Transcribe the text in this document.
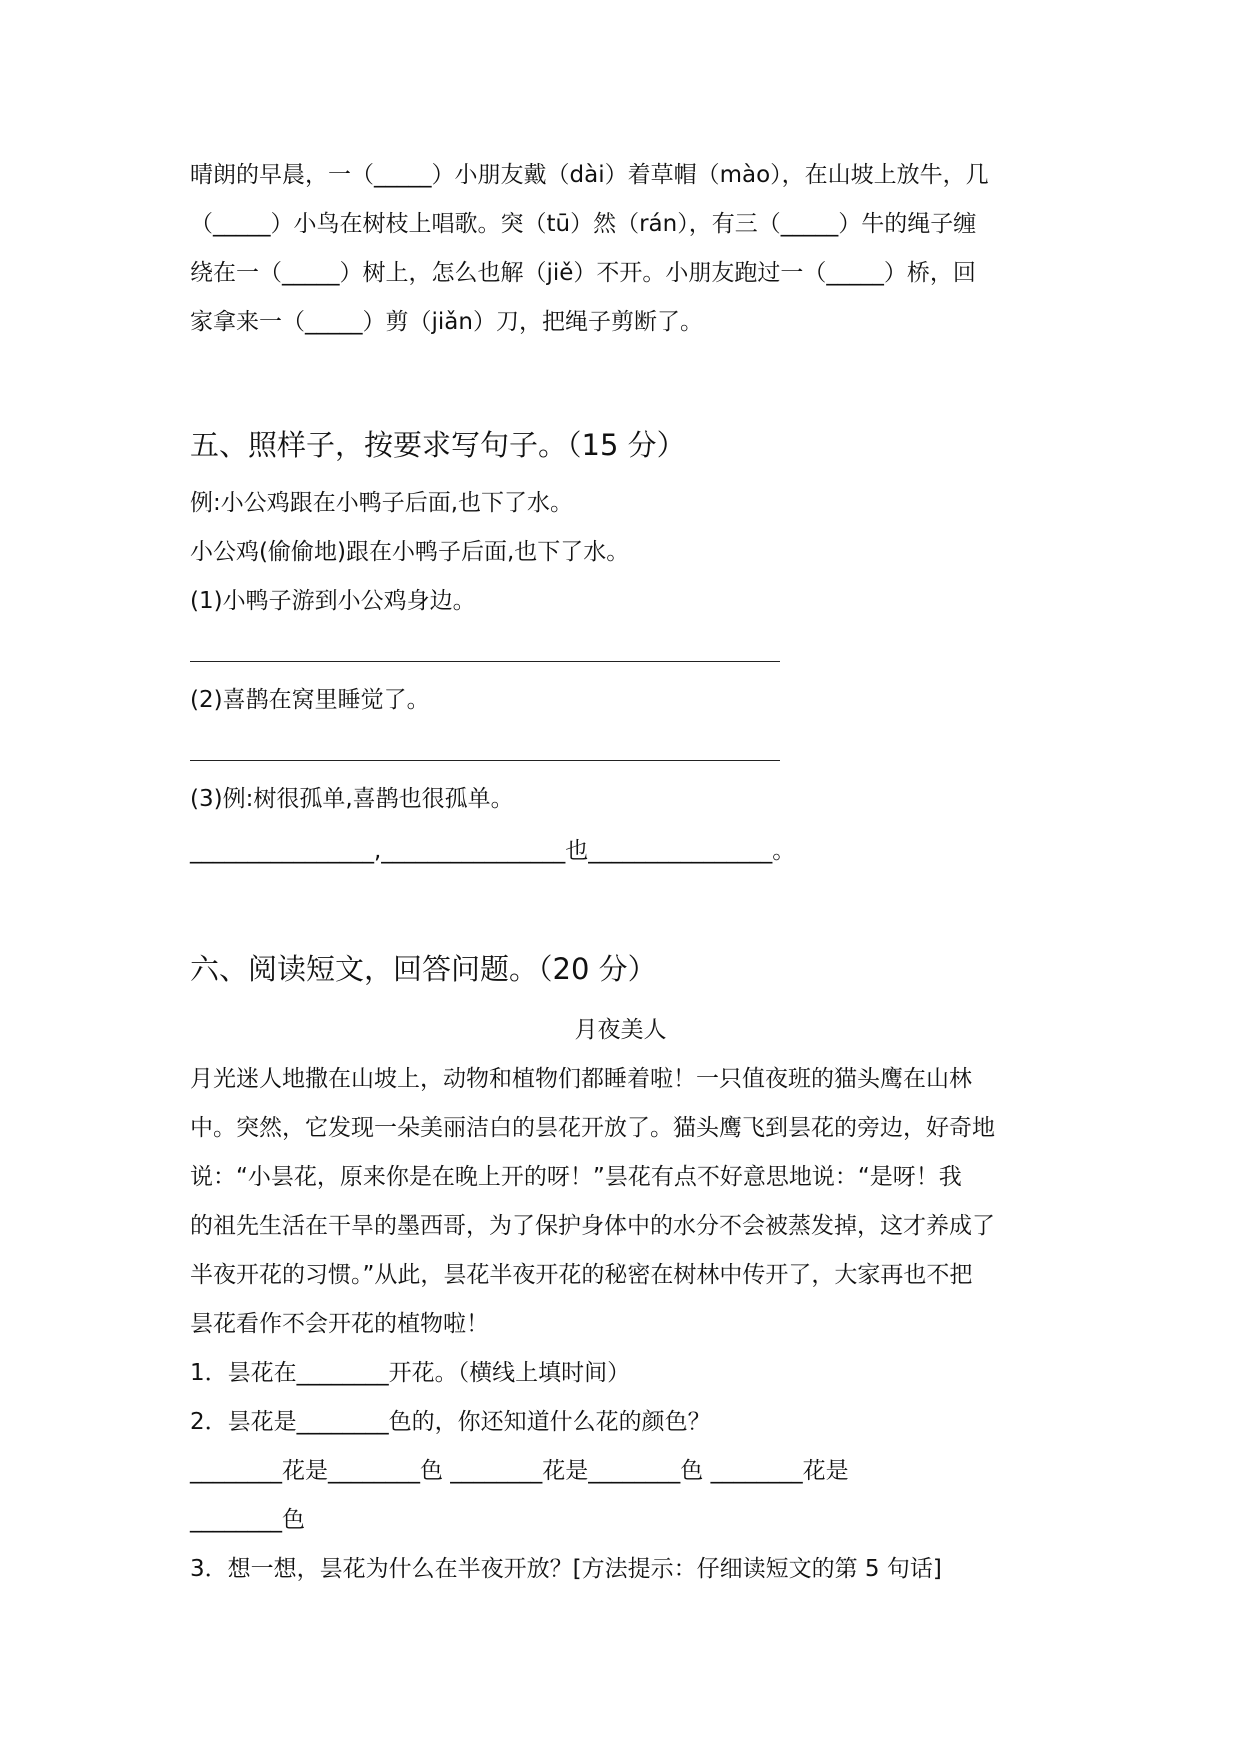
晴朗的早晨，一（_____）小朋友戴（dài）着草帽（mào），在山坡上放牛，几
（_____）小鸟在树枝上唱歌。突（tū）然（rán），有三（_____）牛的绳子缠
绕在一（_____）树上，怎么也解（jiě）不开。小朋友跑过一（_____）桥，回
家拿来一（_____）剪（jiǎn）刀，把绳子剪断了。
五、照样子，按要求写句子。（15 分）
例:小公鸡跟在小鸭子后面,也下了水。
小公鸡(偷偷地)跟在小鸭子后面,也下了水。
(1)小鸭子游到小公鸡身边。
(2)喜鹊在窝里睡觉了。
(3)例:树很孤单,喜鹊也很孤单。
________________,________________也________________。
六、阅读短文，回答问题。（20 分）
月夜美人
月光迷人地撒在山坡上，动物和植物们都睡着啦！一只值夜班的猫头鹰在山林
中。突然，它发现一朵美丽洁白的昙花开放了。猫头鹰飞到昙花的旁边，好奇地
说：“小昙花，原来你是在晚上开的呀！”昙花有点不好意思地说：“是呀！我
的祖先生活在干旱的墨西哥，为了保护身体中的水分不会被蒸发掉，这才养成了
半夜开花的习惯。”从此，昙花半夜开花的秘密在树林中传开了，大家再也不把
昙花看作不会开花的植物啦！
1．昙花在________开花。（横线上填时间）
2．昙花是________色的，你还知道什么花的颜色？
________花是________色 ________花是________色 ________花是
________色
3．想一想，昙花为什么在半夜开放？[方法提示：仔细读短文的第 5 句话]
